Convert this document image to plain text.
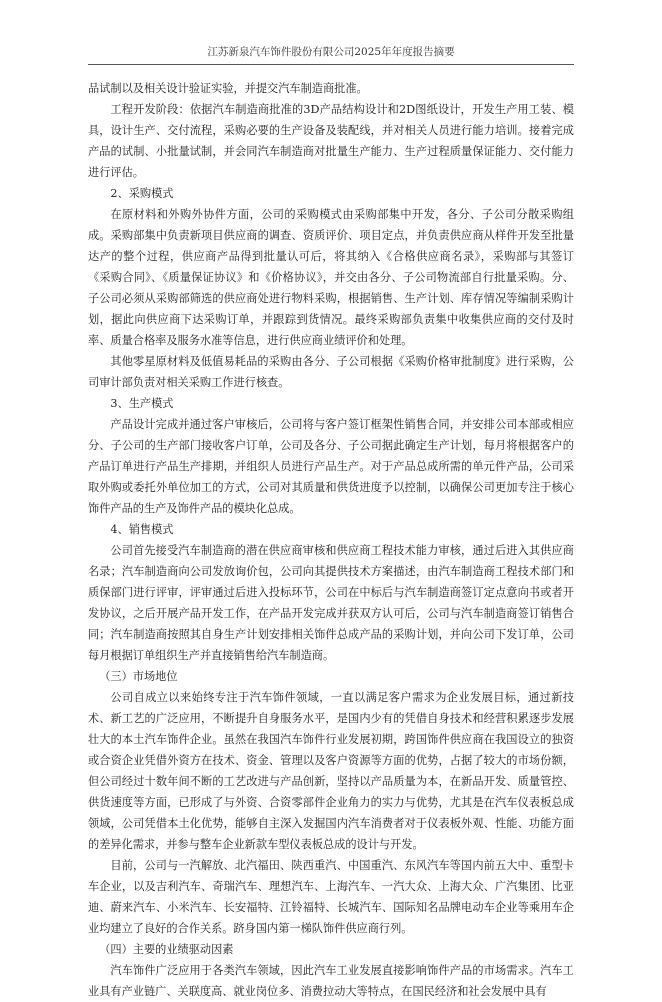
江苏新泉汽车饰件股份有限公司2025年年度报告摘要

品试制以及相关设计验证实验，并提交汽车制造商批准。

工程开发阶段：依据汽车制造商批准的3D产品结构设计和2D图纸设计，开发生产用工装、模具，设计生产、交付流程，采购必要的生产设备及装配线，并对相关人员进行能力培训。接着完成产品的试制、小批量试制，并会同汽车制造商对批量生产能力、生产过程质量保证能力、交付能力进行评估。

2、采购模式

在原材料和外购外协件方面，公司的采购模式由采购部集中开发，各分、子公司分散采购组成。采购部集中负责新项目供应商的调查、资质评价、项目定点，并负责供应商从样件开发至批量达产的整个过程，供应商产品得到批量认可后，将其纳入《合格供应商名录》，采购部与其签订《采购合同》、《质量保证协议》和《价格协议》，并交由各分、子公司物流部自行批量采购。分、子公司必须从采购部筛选的供应商处进行物料采购，根据销售、生产计划、库存情况等编制采购计划，据此向供应商下达采购订单，并跟踪到货情况。最终采购部负责集中收集供应商的交付及时率、质量合格率及服务水准等信息，进行供应商业绩评价和处理。

其他零星原材料及低值易耗品的采购由各分、子公司根据《采购价格审批制度》进行采购，公司审计部负责对相关采购工作进行核查。

3、生产模式

产品设计完成并通过客户审核后，公司将与客户签订框架性销售合同，并安排公司本部或相应分、子公司的生产部门接收客户订单，公司及各分、子公司据此确定生产计划，每月将根据客户的产品订单进行产品生产排期，并组织人员进行产品生产。对于产品总成所需的单元件产品，公司采取外购或委托外单位加工的方式，公司对其质量和供货进度予以控制，以确保公司更加专注于核心饰件产品的生产及饰件产品的模块化总成。

4、销售模式

公司首先接受汽车制造商的潜在供应商审核和供应商工程技术能力审核，通过后进入其供应商名录；汽车制造商向公司发放询价包，公司向其提供技术方案描述，由汽车制造商工程技术部门和质保部门进行评审，评审通过后进入投标环节，公司在中标后与汽车制造商签订定点意向书或者开发协议，之后开展产品开发工作，在产品开发完成并获双方认可后，公司与汽车制造商签订销售合同；汽车制造商按照其自身生产计划安排相关饰件总成产品的采购计划，并向公司下发订单，公司每月根据订单组织生产并直接销售给汽车制造商。

（三）市场地位

公司自成立以来始终专注于汽车饰件领域，一直以满足客户需求为企业发展目标，通过新技术、新工艺的广泛应用，不断提升自身服务水平，是国内少有的凭借自身技术和经营积累逐步发展壮大的本土汽车饰件企业。虽然在我国汽车饰件行业发展初期，跨国饰件供应商在我国设立的独资或合资企业凭借外资方在技术、资金、管理以及客户资源等方面的优势，占据了较大的市场份额，但公司经过十数年间不断的工艺改进与产品创新，坚持以产品质量为本，在新品开发、质量管控、供货速度等方面，已形成了与外资、合资零部件企业角力的实力与优势，尤其是在汽车仪表板总成领域，公司凭借本土化优势，能够自主深入发掘国内汽车消费者对于仪表板外观、性能、功能方面的差异化需求，并参与整车企业新款车型仪表板总成的设计与开发。

目前，公司与一汽解放、北汽福田、陕西重汽、中国重汽、东风汽车等国内前五大中、重型卡车企业，以及吉利汽车、奇瑞汽车、理想汽车、上海汽车、一汽大众、上海大众、广汽集团、比亚迪、蔚来汽车、小米汽车、长安福特、江铃福特、长城汽车、国际知名品牌电动车企业等乘用车企业均建立了良好的合作关系。跻身国内第一梯队饰件供应商行列。

（四）主要的业绩驱动因素

汽车饰件广泛应用于各类汽车领域，因此汽车工业发展直接影响饰件产品的市场需求。汽车工业具有产业链广、关联度高、就业岗位多、消费拉动大等特点，在国民经济和社会发展中具有
